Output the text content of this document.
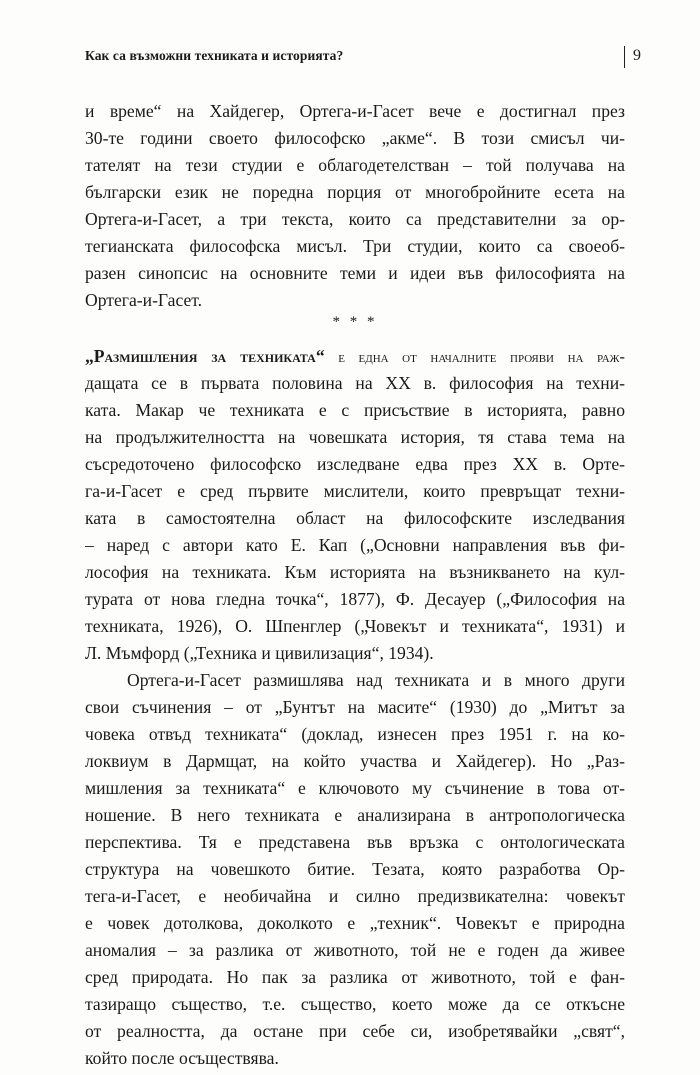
Как са възможни техниката и историята?	9
и време“ на Хайдегер, Ортега-и-Гасет вече е достигнал през
30-те години своето философско „акме“. В този смисъл чи-
тателят на тези студии е облагодетелстван – той получава на
български език не поредна порция от многобройните есета на
Ортега-и-Гасет, а три текста, които са представителни за ор-
тегианската философска мисъл. Три студии, които са своеоб-
разен синопсис на основните теми и идеи във философията на
Ортега-и-Гасет.
* * *
„Размишления за техниката“ е една от началните прояви на раж-
дащата се в първата половина на XX в. философия на техни-
ката. Макар че техниката е с присъствие в историята, равно
на продължителността на човешката история, тя става тема на
съсредоточено философско изследване едва през XX в. Орте-
га-и-Гасет е сред първите мислители, които превръщат техни-
ката в самостоятелна област на философските изследвания
– наред с автори като Е. Кап („Основни направления във фи-
лософия на техниката. Към историята на възникването на кул-
турата от нова гледна точка“, 1877), Ф. Десауер („Философия на
техниката, 1926), О. Шпенглер („Човекът и техниката“, 1931) и
Л. Мъмфорд („Техника и цивилизация“, 1934).
Ортега-и-Гасет размишлява над техниката и в много други
свои съчинения – от „Бунтът на масите“ (1930) до „Митът за
човека отвъд техниката“ (доклад, изнесен през 1951 г. на ко-
локвиум в Дармщат, на който участва и Хайдегер). Но „Раз-
мишления за техниката“ е ключовото му съчинение в това от-
ношение. В него техниката е анализирана в антропологическа
перспектива. Тя е представена във връзка с онтологическата
структура на човешкото битие. Тезата, която разработва Ор-
тега-и-Гасет, е необичайна и силно предизвикателна: човекът
е човек дотолкова, доколкото е „техник“. Човекът е природна
аномалия – за разлика от животното, той не е годен да живее
сред природата. Но пак за разлика от животното, той е фан-
тазиращо същество, т.е. същество, което може да се откъсне
от реалността, да остане при себе си, изобретявайки „свят“,
който после осъществява.
